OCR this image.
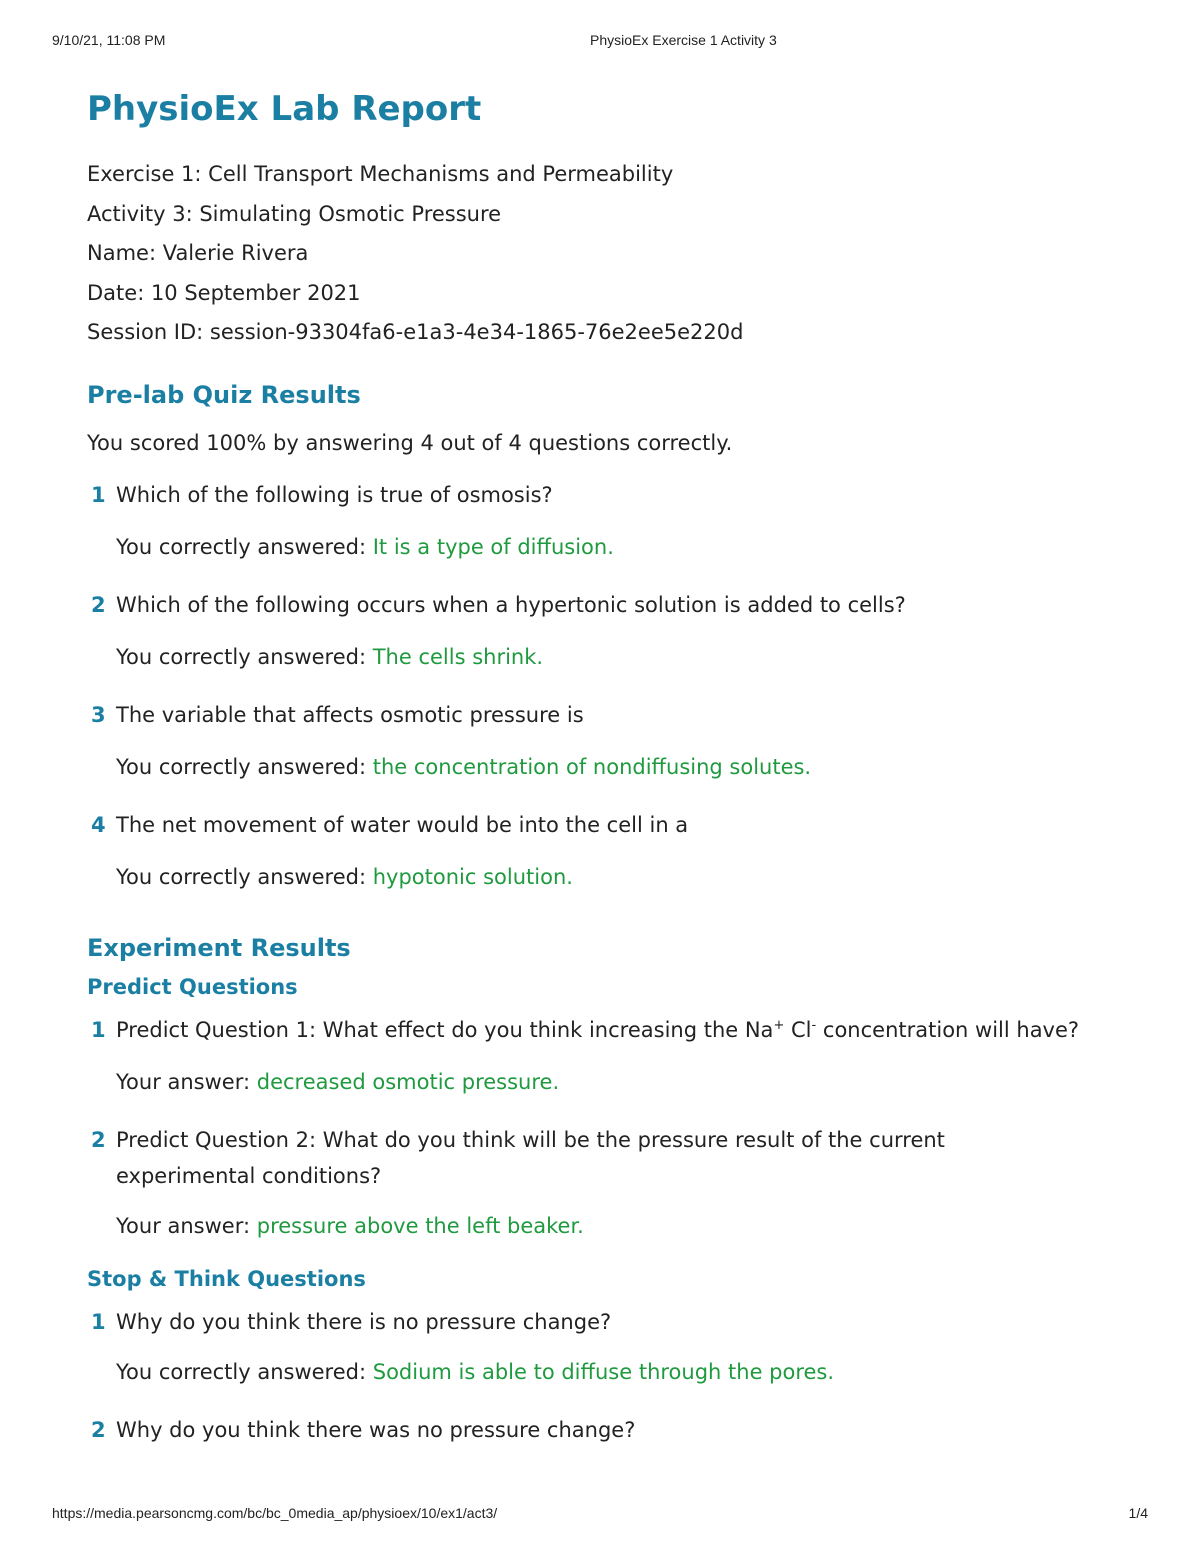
9/10/21, 11:08 PM	PhysioEx Exercise 1 Activity 3
PhysioEx Lab Report
Exercise 1: Cell Transport Mechanisms and Permeability
Activity 3: Simulating Osmotic Pressure
Name: Valerie Rivera
Date: 10 September 2021
Session ID: session-93304fa6-e1a3-4e34-1865-76e2ee5e220d
Pre-lab Quiz Results
You scored 100% by answering 4 out of 4 questions correctly.
1 Which of the following is true of osmosis?
You correctly answered: It is a type of diffusion.
2 Which of the following occurs when a hypertonic solution is added to cells?
You correctly answered: The cells shrink.
3 The variable that affects osmotic pressure is
You correctly answered: the concentration of nondiffusing solutes.
4 The net movement of water would be into the cell in a
You correctly answered: hypotonic solution.
Experiment Results
Predict Questions
1 Predict Question 1: What effect do you think increasing the Na+ Cl- concentration will have?
Your answer: decreased osmotic pressure.
2 Predict Question 2: What do you think will be the pressure result of the current experimental conditions?
Your answer: pressure above the left beaker.
Stop & Think Questions
1 Why do you think there is no pressure change?
You correctly answered: Sodium is able to diffuse through the pores.
2 Why do you think there was no pressure change?
https://media.pearsoncmg.com/bc/bc_0media_ap/physioex/10/ex1/act3/	1/4
